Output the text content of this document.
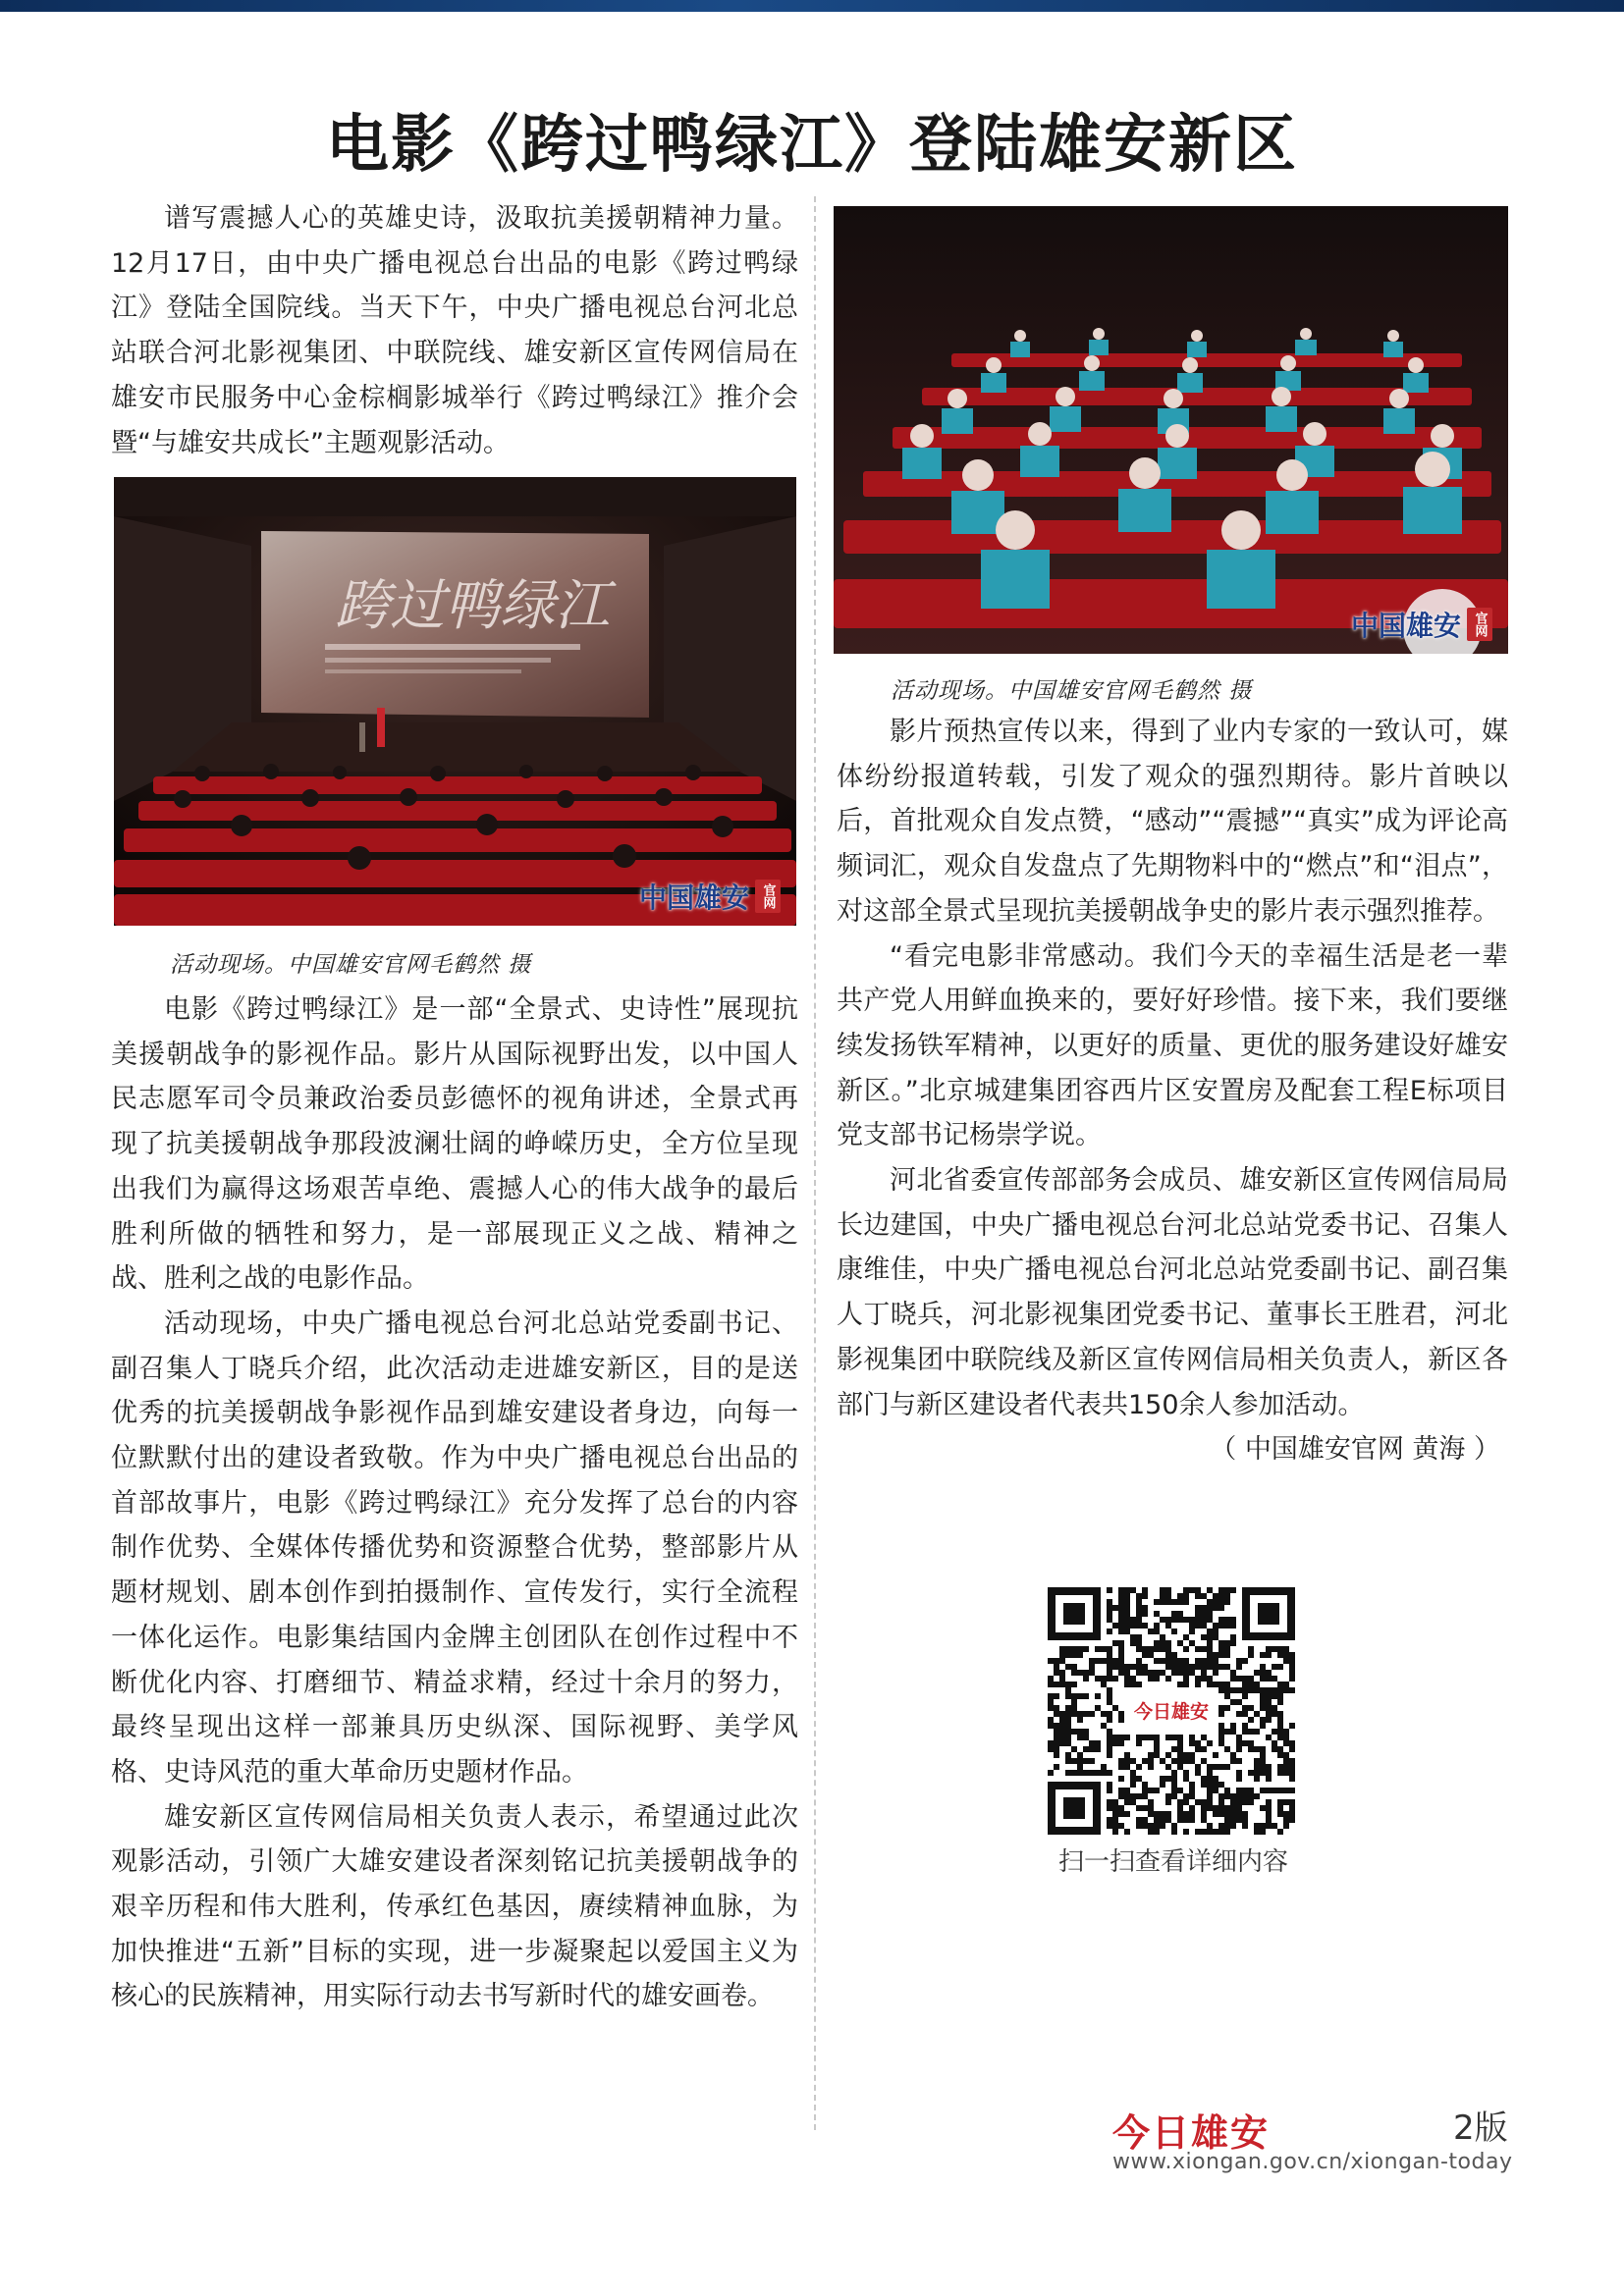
电影《跨过鸭绿江》登陆雄安新区

谱写震撼人心的英雄史诗，汲取抗美援朝精神力量。12月17日，由中央广播电视总台出品的电影《跨过鸭绿江》登陆全国院线。当天下午，中央广播电视总台河北总站联合河北影视集团、中联院线、雄安新区宣传网信局在雄安市民服务中心金棕榈影城举行《跨过鸭绿江》推介会暨“与雄安共成长”主题观影活动。

跨过鸭绿江
中国雄安 官网
活动现场。中国雄安官网毛鹤然 摄

电影《跨过鸭绿江》是一部“全景式、史诗性”展现抗美援朝战争的影视作品。影片从国际视野出发，以中国人民志愿军司令员兼政治委员彭德怀的视角讲述，全景式再现了抗美援朝战争那段波澜壮阔的峥嵘历史，全方位呈现出我们为赢得这场艰苦卓绝、震撼人心的伟大战争的最后胜利所做的牺牲和努力，是一部展现正义之战、精神之战、胜利之战的电影作品。

活动现场，中央广播电视总台河北总站党委副书记、副召集人丁晓兵介绍，此次活动走进雄安新区，目的是送优秀的抗美援朝战争影视作品到雄安建设者身边，向每一位默默付出的建设者致敬。作为中央广播电视总台出品的首部故事片，电影《跨过鸭绿江》充分发挥了总台的内容制作优势、全媒体传播优势和资源整合优势，整部影片从题材规划、剧本创作到拍摄制作、宣传发行，实行全流程一体化运作。电影集结国内金牌主创团队在创作过程中不断优化内容、打磨细节、精益求精，经过十余月的努力，最终呈现出这样一部兼具历史纵深、国际视野、美学风格、史诗风范的重大革命历史题材作品。

雄安新区宣传网信局相关负责人表示，希望通过此次观影活动，引领广大雄安建设者深刻铭记抗美援朝战争的艰辛历程和伟大胜利，传承红色基因，赓续精神血脉，为加快推进“五新”目标的实现，进一步凝聚起以爱国主义为核心的民族精神，用实际行动去书写新时代的雄安画卷。

中国雄安 官网
活动现场。中国雄安官网毛鹤然 摄

影片预热宣传以来，得到了业内专家的一致认可，媒体纷纷报道转载，引发了观众的强烈期待。影片首映以后，首批观众自发点赞，“感动”“震撼”“真实”成为评论高频词汇，观众自发盘点了先期物料中的“燃点”和“泪点”，对这部全景式呈现抗美援朝战争史的影片表示强烈推荐。

“看完电影非常感动。我们今天的幸福生活是老一辈共产党人用鲜血换来的，要好好珍惜。接下来，我们要继续发扬铁军精神，以更好的质量、更优的服务建设好雄安新区。”北京城建集团容西片区安置房及配套工程E标项目党支部书记杨崇学说。

河北省委宣传部部务会成员、雄安新区宣传网信局局长边建国，中央广播电视总台河北总站党委书记、召集人康维佳，中央广播电视总台河北总站党委副书记、副召集人丁晓兵，河北影视集团党委书记、董事长王胜君，河北影视集团中联院线及新区宣传网信局相关负责人，新区各部门与新区建设者代表共150余人参加活动。

（ 中国雄安官网 黄海 ）

今日雄安
扫一扫查看详细内容
今日雄安	2版
www.xiongan.gov.cn/xiongan-today
